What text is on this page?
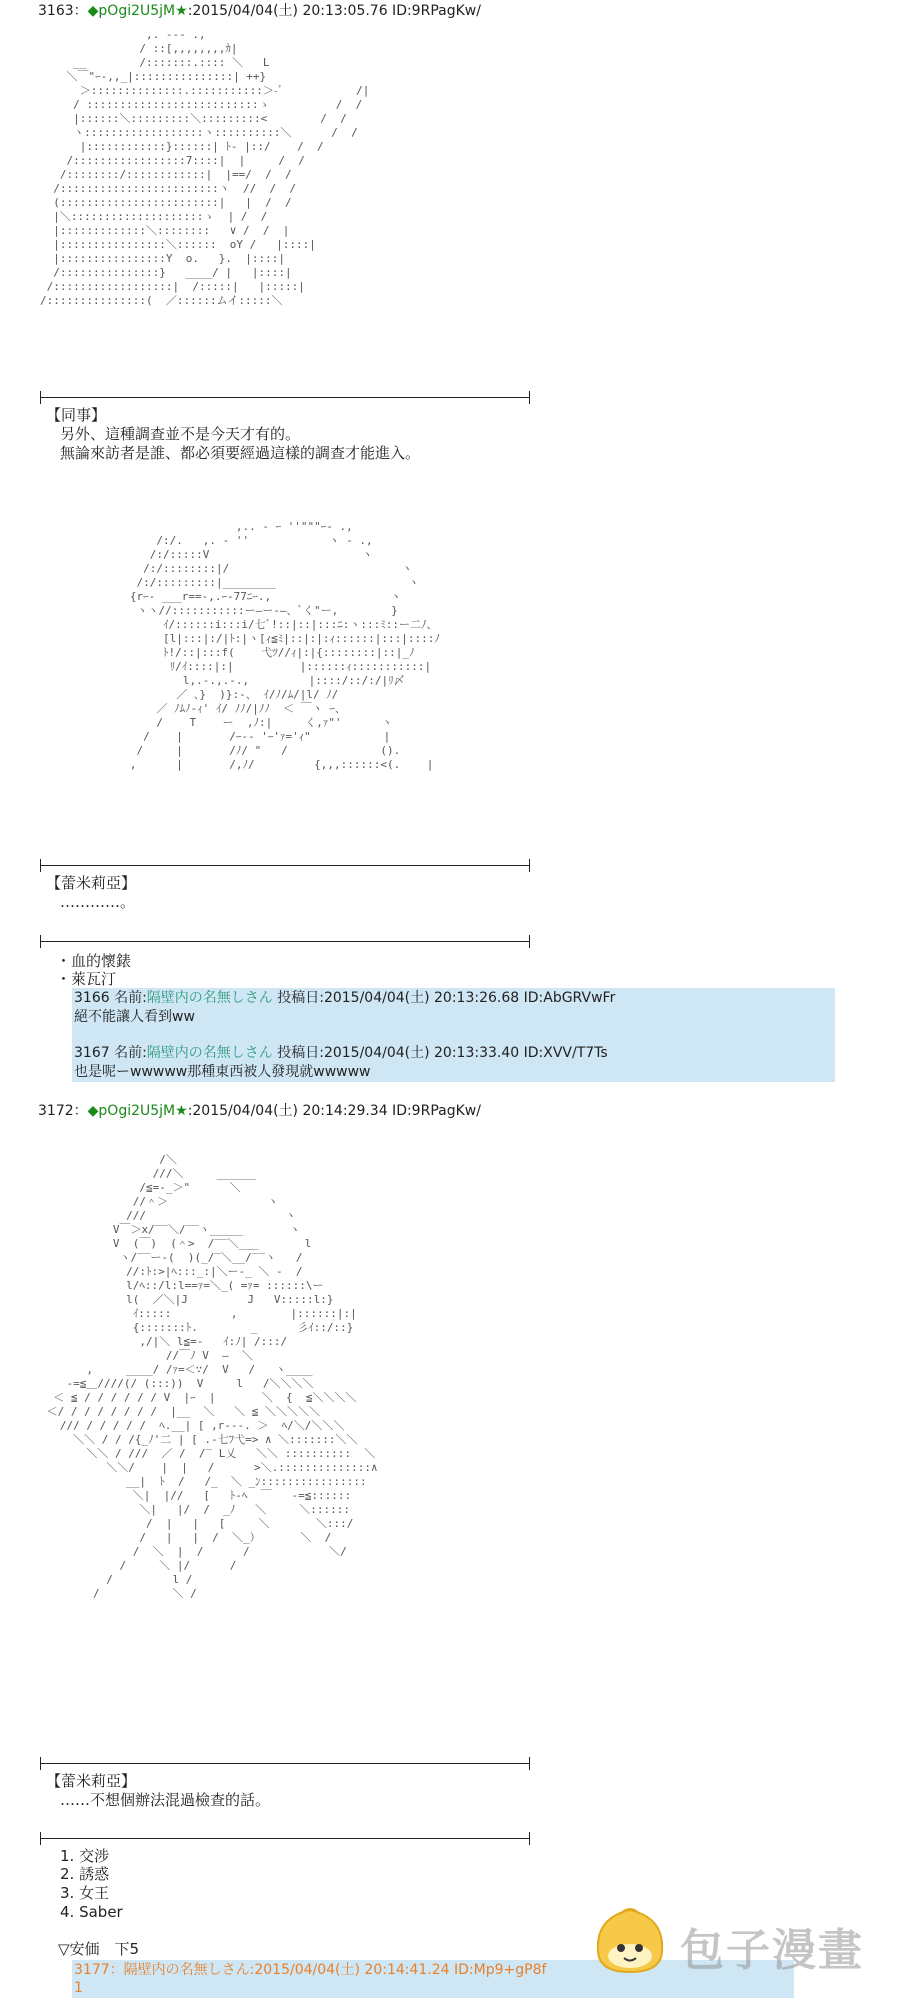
3163：◆pOgi2U5jM★:2015/04/04(土) 20:13:05.76 ID:9RPagKw/
,. --- .,
/ ::[,,,,,,,,ｶ|
__        /:::::::.:::: ＼   L
＼￣"ｰ-,,_|:::::::::::::::| ++}
＞::::::::::::::.:::::::::::＞-ﾞ           /|
/ ::::::::::::::::::::::::::ゝ          /  /
|::::::＼:::::::::＼:::::::::<        /  /
ヽ::::::::::::::::::ヽ::::::::::＼      /  /
|::::::::::::}::::::| ﾄ- |::/    /  /
/:::::::::::::::::7::::|  |     /  /
/::::::::/::::::::::::|  |==/  /  /
/::::::::::::::::::::::::ヽ  //  /  /
(::::::::::::::::::::::::|   |  /  /
|＼::::::::::::::::::::ゝ  | /  /
|:::::::::::::＼::::::::   ∨ /  /  |
|::::::::::::::::＼::::::  oY /   |::::|
|::::::::::::::::Y  o.   }.  |::::|
/:::::::::::::::}   ____/ |   |::::|
/::::::::::::::::::|  /:::::|   |:::::|
/:::::::::::::::(  ／::::::ムイ:::::＼
【同事】
另外、這種調查並不是今天才有的。
無論來訪者是誰、都必須要經過這樣的調查才能進入。
,.. - ｰ ''"""ｰ- .,
/:/.   ,. - ''            ヽ - .,
/:/:::::V                       ヽ
/:/::::::::|/                          ヽ
/:/:::::::::|________                    ヽ
{rｰ- ___r==-,.ｰ-77ﾆｰ.,                  ヽ
ヽヽ//:::::::::::ー―ー-―、ﾞく"ー,        }
ｲ/::::::i:::i/七ﾞ!::|::|:::ﾆ:ヽ:::ﾐ::ー二ﾉ、
[l|:::|:/|ﾄ:|ヽ[ｨ≦ﾐ|::|:|:ｨ::::::|:::|::::ﾉ
ﾄ!/::|:::f(    弋ﾂ//ｨ|:|{::::::::|::|_ﾉ
ﾘ/ｲ::::|:|          |::::::ｨ:::::::::::|
l,.-.,.-.,         |::::/::/:/|ﾘ〆
／ 、}  )}:-、 ｲ/ﾉ/ﾑ/|l/ ﾉ/
／ ﾉﾑﾉ-ｨ' ｲ/ ﾉﾉ/|ﾉﾉ  ＜ ￣ヽ ｰ、
/    T    ー  ,ﾉ:|     く,ｧ"'      ヽ
/    |       /ｰ-- 'ｰ'ｧ='ｨ"           |
/     |       /ﾉ/ "   /              ().
,      |       /,ﾉ/         {,,,::::::<(.    |
【蕾米莉亞】
…………。
・血的懷錶
・萊瓦汀
3166 名前:隔壁内の名無しさん 投稿日:2015/04/04(土) 20:13:26.68 ID:AbGRVwFr
絕不能讓人看到ww
3167 名前:隔壁内の名無しさん 投稿日:2015/04/04(土) 20:13:33.40 ID:XVV/T7Ts
也是呢ーwwwww那種東西被人發現就wwwww
3172：◆pOgi2U5jM★:2015/04/04(土) 20:14:29.34 ID:9RPagKw/
/＼
///＼     ______
/≦=-_＞"      ＼
//＾＞               ヽ
///                     ヽ
V￣＞x/‾‾＼/‾‾ヽ_____       ヽ
V  (￣)  (＾>  /‾‾＼___       l
ヽ/‾‾ー-(  )(_/‾＼__/‾‾ヽ   /
//:ﾄ:>|ﾍ:::_:|＼ー-_ ＼ -  /
l/ﾍ::/l:l==ｧ=＼_( =ｧ= ::::::\ー
l(  ／＼|J         J   V:::::l:}
ｲ:::::         ,        |::::::|:|
{:::::::ﾄ.        _      彡ｲ::/::}
,/|＼ l≦=-   ｲ:ﾉ| /:::/
//￣ﾉ V  ―  ＼
,     ____/ /ｧ=＜∵/  V   /   ヽ____
-=≦＿////(/ (:::))  V     l   /＼＼＼＼
＜ ≦ / / / / / / V  |ｰ  |       ＼  {  ≦＼＼＼＼
＜/ / / / / / / /  |__  ＼   ＼ ≦ ＼＼＼＼＼
/// / / / / /  ﾍ.__| [ ,r---. ＞  ﾍ/＼/＼＼＼
＼＼ / / /{_ﾉ'二 | [ .-七ﾌ弋=> ∧ ＼:::::::＼＼
＼＼ / ///  ／ /  /‾ L乂   ＼＼ ::::::::::  ＼
＼＼/    |  |   /      >＼.::::::::::::::∧
__|  ﾄ  /   /_  ＼ _ﾝ::::::::::::::::
＼|  |//   [   ﾄ-ﾍ  ￣   -=≦::::::
＼|   |/  /  _ﾉ   ＼     ＼::::::
/  |   |   [     ＼       ＼:::/
/   |   |  /  ＼_）      ＼  /
/  ＼  |  /      /            ＼/
/     ＼ |/      /
/         l /
/           ＼ /
【蕾米莉亞】
……不想個辦法混過檢查的話。
1. 交涉
2. 誘惑
3. 女王
4. Saber
▽安価　下5
3177：隔壁内の名無しさん:2015/04/04(土) 20:14:41.24 ID:Mp9+gP8f
1
包子漫畫
